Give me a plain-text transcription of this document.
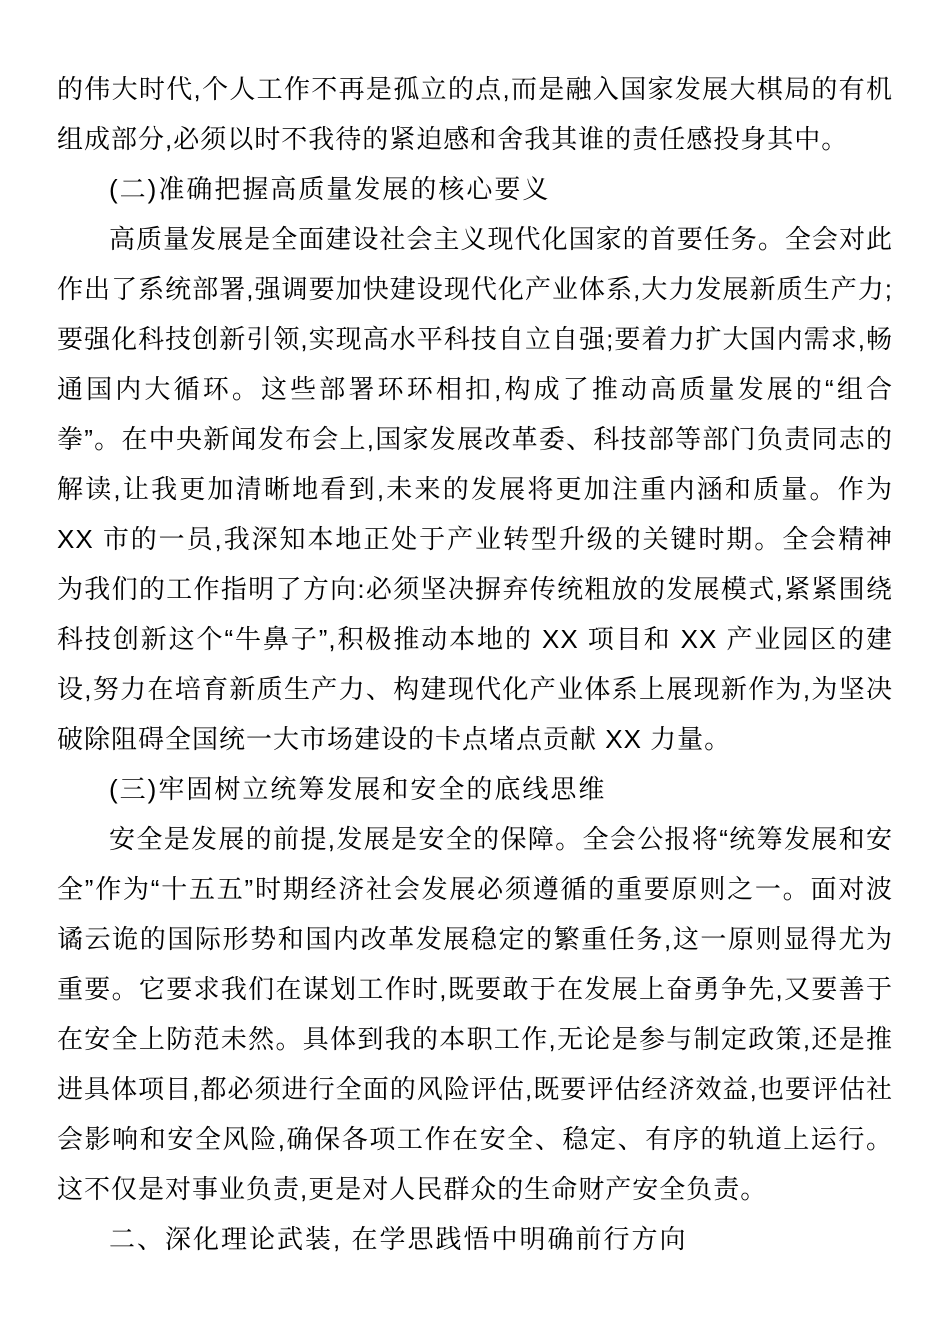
的伟大时代,个人工作不再是孤立的点,而是融入国家发展大棋局的有机组成部分,必须以时不我待的紧迫感和舍我其谁的责任感投身其中。

(二)准确把握高质量发展的核心要义

高质量发展是全面建设社会主义现代化国家的首要任务。全会对此作出了系统部署,强调要加快建设现代化产业体系,大力发展新质生产力;要强化科技创新引领,实现高水平科技自立自强;要着力扩大国内需求,畅通国内大循环。这些部署环环相扣,构成了推动高质量发展的“组合拳”。在中央新闻发布会上,国家发展改革委、科技部等部门负责同志的解读,让我更加清晰地看到,未来的发展将更加注重内涵和质量。作为 XX 市的一员,我深知本地正处于产业转型升级的关键时期。全会精神为我们的工作指明了方向:必须坚决摒弃传统粗放的发展模式,紧紧围绕科技创新这个“牛鼻子”,积极推动本地的 XX 项目和 XX 产业园区的建设,努力在培育新质生产力、构建现代化产业体系上展现新作为,为坚决破除阻碍全国统一大市场建设的卡点堵点贡献 XX 力量。

(三)牢固树立统筹发展和安全的底线思维

安全是发展的前提,发展是安全的保障。全会公报将“统筹发展和安全”作为“十五五”时期经济社会发展必须遵循的重要原则之一。面对波谲云诡的国际形势和国内改革发展稳定的繁重任务,这一原则显得尤为重要。它要求我们在谋划工作时,既要敢于在发展上奋勇争先,又要善于在安全上防范未然。具体到我的本职工作,无论是参与制定政策,还是推进具体项目,都必须进行全面的风险评估,既要评估经济效益,也要评估社会影响和安全风险,确保各项工作在安全、稳定、有序的轨道上运行。这不仅是对事业负责,更是对人民群众的生命财产安全负责。

二、深化理论武装, 在学思践悟中明确前行方向
